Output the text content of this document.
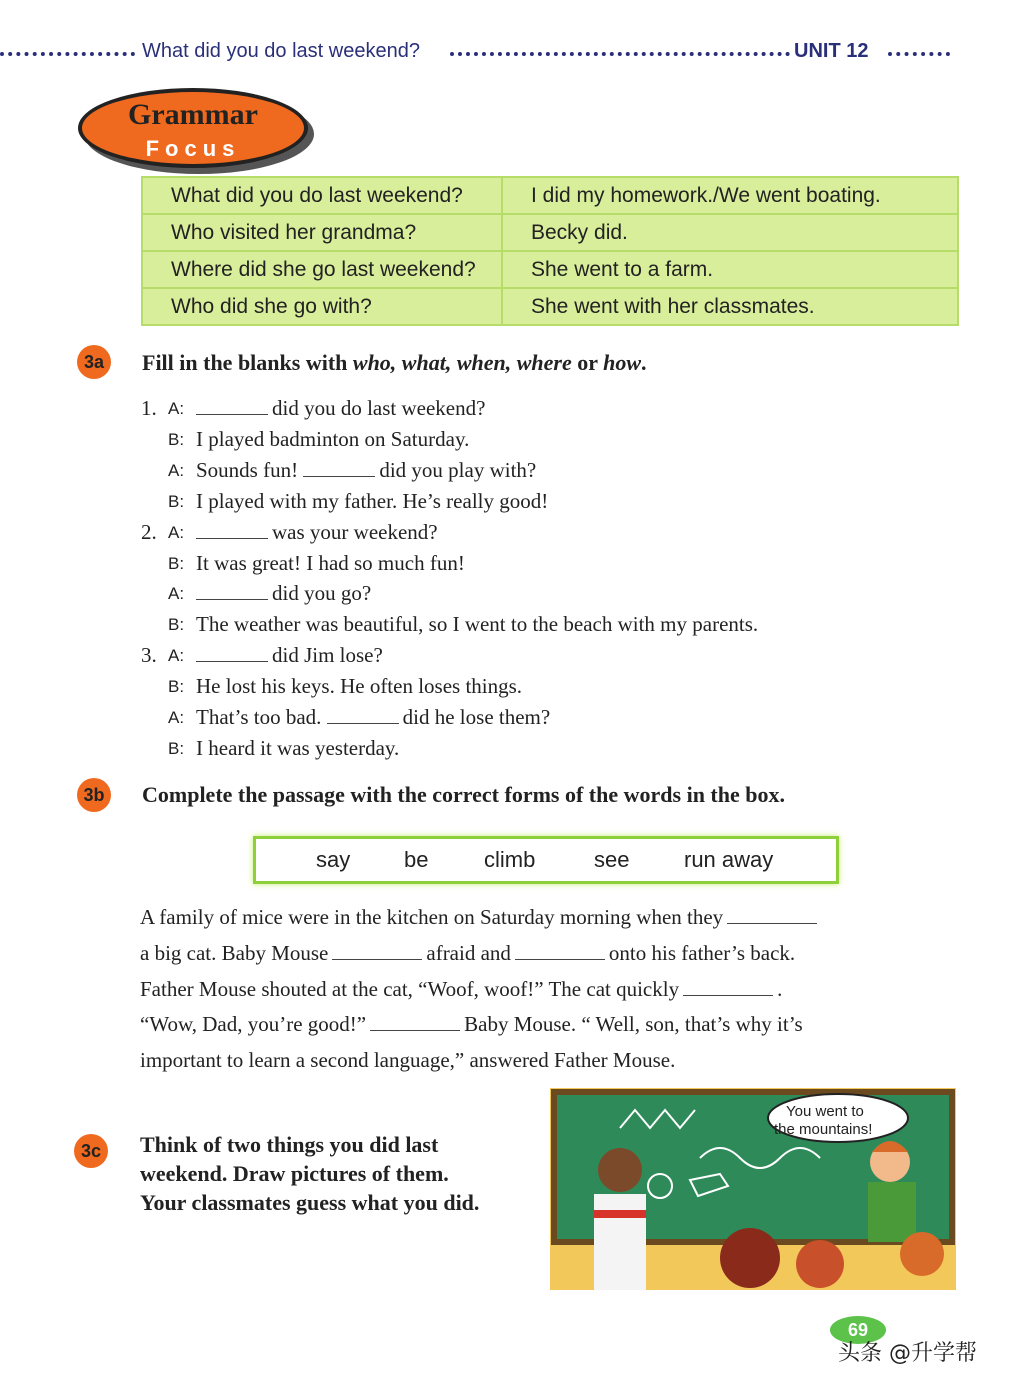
What did you do last weekend?	UNIT 12
Grammar
Focus
What did you do last weekend?	I did my homework./We went boating.
Who visited her grandma?	Becky did.
Where did she go last weekend?	She went to a farm.
Who did she go with?	She went with her classmates.
3a	Fill in the blanks with who, what, when, where or how.
1. A:	did you do last weekend?
B: I played badminton on Saturday.
A: Sounds fun!	did you play with?
B: I played with my father. He’s really good!
2. A:	was your weekend?
B: It was great! I had so much fun!
A:	did you go?
B: The weather was beautiful, so I went to the beach with my parents.
3. A:	did Jim lose?
B: He lost his keys. He often loses things.
A: That’s too bad.	did he lose them?
B: I heard it was yesterday.
3b Complete the passage with the correct forms of the words in the box.
say be	climb	see run away
A family of mice were in the kitchen on Saturday morning when they
a big cat. Baby Mouse	afraid and	onto his father’s back.
Father Mouse shouted at the cat, “Woof, woof!” The cat quickly	.
“Wow, Dad, you’re good!”	Baby Mouse. “ Well, son, that’s why it’s
important to learn a second language,” answered Father Mouse.
3c	Think of two things you did last weekend. Draw pictures of them. Your classmates guess what you did.
You went to
the mountains!
69
头条 @升学帮
